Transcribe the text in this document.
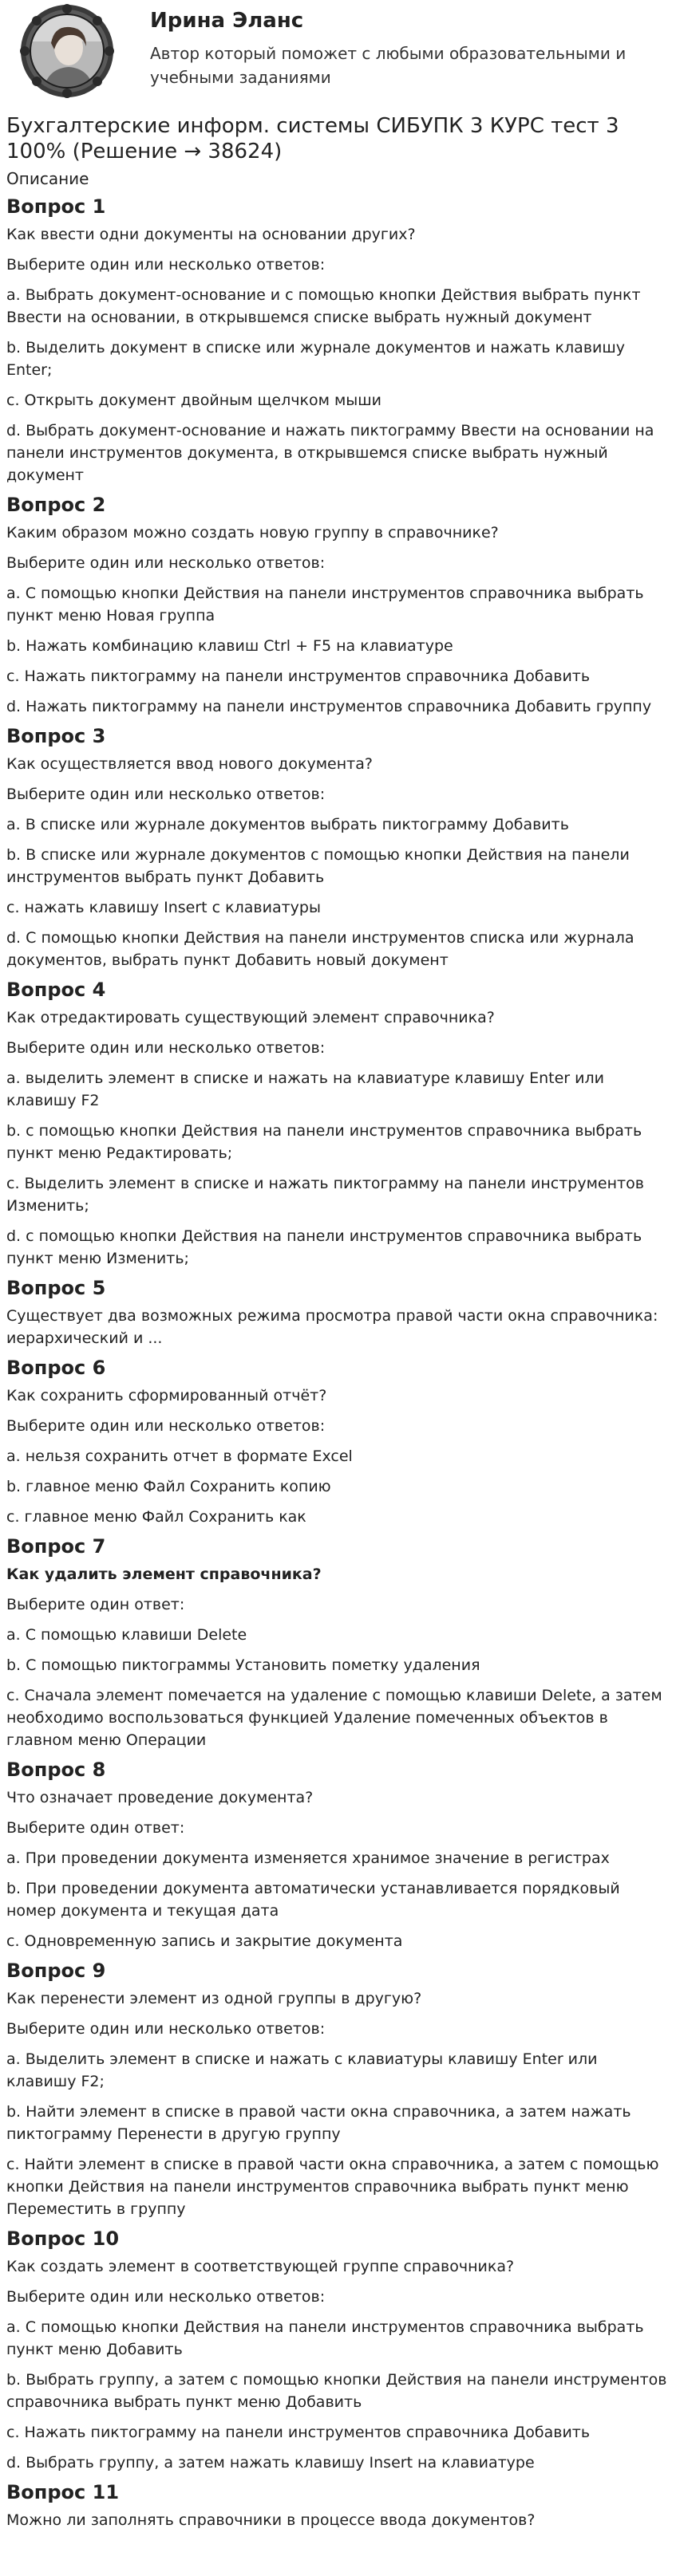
Ирина Эланс
Автор который поможет с любыми образовательными и учебными заданиями
Бухгалтерские информ. системы СИБУПК 3 КУРС тест 3 100% (Решение → 38624)
Описание
Вопрос 1
Как ввести одни документы на основании других?
Выберите один или несколько ответов:
a. Выбрать документ-основание и с помощью кнопки Действия выбрать пункт Ввести на основании, в открывшемся списке выбрать нужный документ
b. Выделить документ в списке или журнале документов и нажать клавишу Enter;
c. Открыть документ двойным щелчком мыши
d. Выбрать документ-основание и нажать пиктограмму Ввести на основании на панели инструментов документа, в открывшемся списке выбрать нужный документ
Вопрос 2
Каким образом можно создать новую группу в справочнике?
Выберите один или несколько ответов:
a. С помощью кнопки Действия на панели инструментов справочника выбрать пункт меню Новая группа
b. Нажать комбинацию клавиш Ctrl + F5 на клавиатуре
c. Нажать пиктограмму на панели инструментов справочника Добавить
d. Нажать пиктограмму на панели инструментов справочника Добавить группу
Вопрос 3
Как осуществляется ввод нового документа?
Выберите один или несколько ответов:
a. В списке или журнале документов выбрать пиктограмму Добавить
b. В списке или журнале документов с помощью кнопки Действия на панели инструментов выбрать пункт Добавить
c. нажать клавишу Insert с клавиатуры
d. С помощью кнопки Действия на панели инструментов списка или журнала документов, выбрать пункт Добавить новый документ
Вопрос 4
Как отредактировать существующий элемент справочника?
Выберите один или несколько ответов:
a. выделить элемент в списке и нажать на клавиатуре клавишу Enter или клавишу F2
b. с помощью кнопки Действия на панели инструментов справочника выбрать пункт меню Редактировать;
c. Выделить элемент в списке и нажать пиктограмму на панели инструментов Изменить;
d. с помощью кнопки Действия на панели инструментов справочника выбрать пункт меню Изменить;
Вопрос 5
Существует два возможных режима просмотра правой части окна справочника: иерархический и ...
Вопрос 6
Как сохранить сформированный отчёт?
Выберите один или несколько ответов:
a. нельзя сохранить отчет в формате Excel
b. главное меню Файл Сохранить копию
c. главное меню Файл Сохранить как
Вопрос 7
Как удалить элемент справочника?
Выберите один ответ:
a. С помощью клавиши Delete
b. С помощью пиктограммы Установить пометку удаления
c. Сначала элемент помечается на удаление с помощью клавиши Delete, а затем необходимо воспользоваться функцией Удаление помеченных объектов в главном меню Операции
Вопрос 8
Что означает проведение документа?
Выберите один ответ:
a. При проведении документа изменяется хранимое значение в регистрах
b. При проведении документа автоматически устанавливается порядковый номер документа и текущая дата
c. Одновременную запись и закрытие документа
Вопрос 9
Как перенести элемент из одной группы в другую?
Выберите один или несколько ответов:
a. Выделить элемент в списке и нажать с клавиатуры клавишу Enter или клавишу F2;
b. Найти элемент в списке в правой части окна справочника, а затем нажать пиктограмму Перенести в другую группу
c. Найти элемент в списке в правой части окна справочника, а затем с помощью кнопки Действия на панели инструментов справочника выбрать пункт меню Переместить в группу
Вопрос 10
Как создать элемент в соответствующей группе справочника?
Выберите один или несколько ответов:
a. С помощью кнопки Действия на панели инструментов справочника выбрать пункт меню Добавить
b. Выбрать группу, а затем с помощью кнопки Действия на панели инструментов справочника выбрать пункт меню Добавить
c. Нажать пиктограмму на панели инструментов справочника Добавить
d. Выбрать группу, а затем нажать клавишу Insert на клавиатуре
Вопрос 11
Можно ли заполнять справочники в процессе ввода документов?
